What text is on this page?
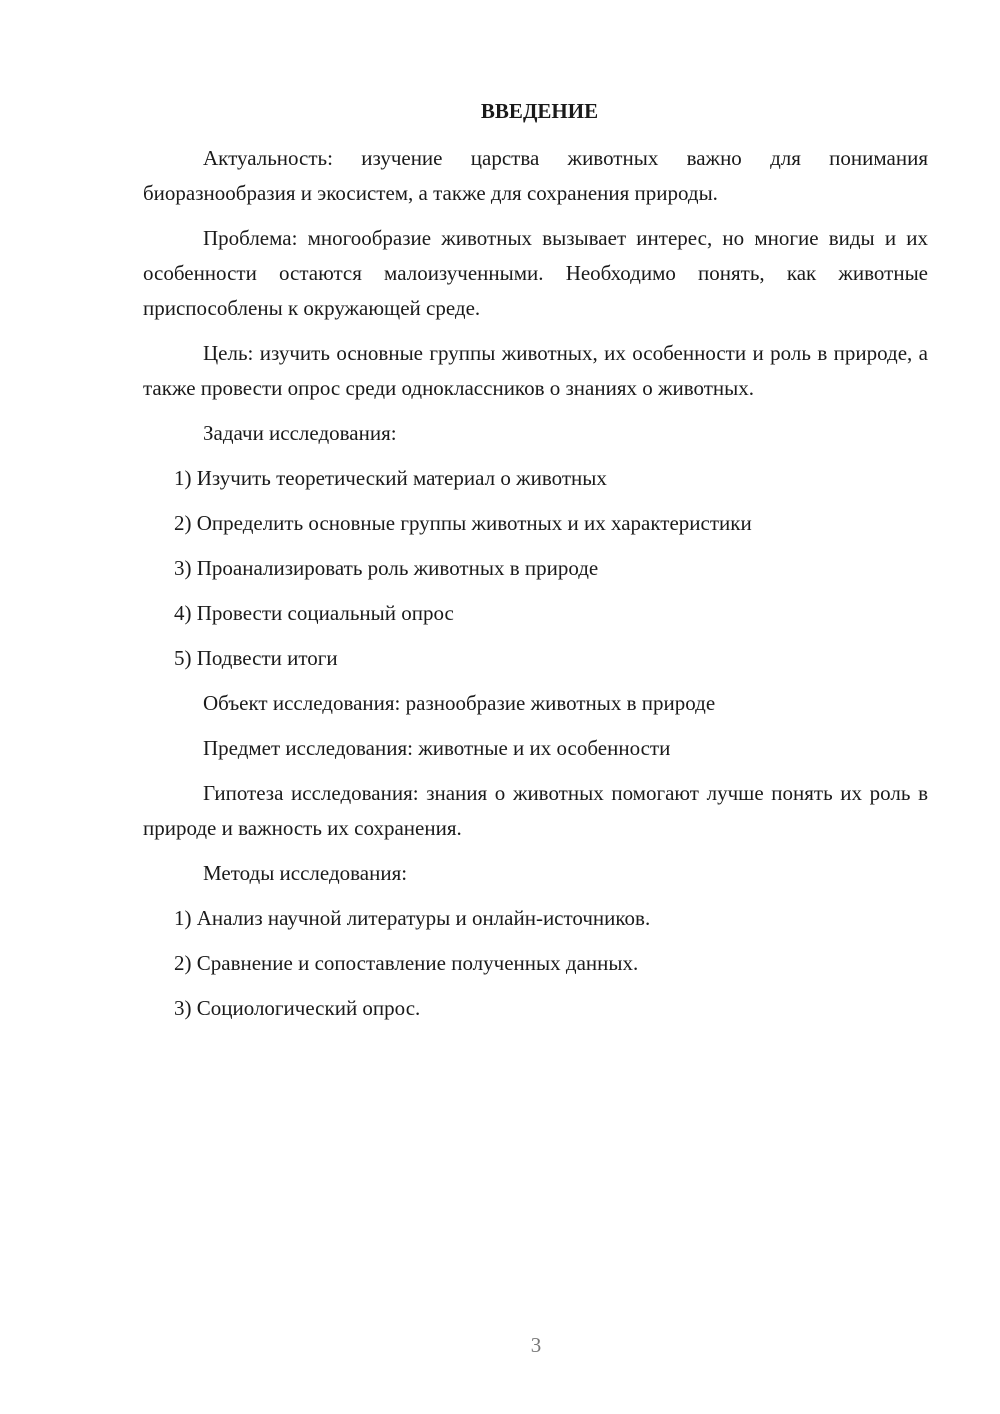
ВВЕДЕНИЕ

Актуальность: изучение царства животных важно для понимания биоразнообразия и экосистем, а также для сохранения природы.

Проблема: многообразие животных вызывает интерес, но многие виды и их особенности остаются малоизученными. Необходимо понять, как животные приспособлены к окружающей среде.

Цель: изучить основные группы животных, их особенности и роль в природе, а также провести опрос среди одноклассников о знаниях о животных.

Задачи исследования:
1) Изучить теоретический материал о животных
2) Определить основные группы животных и их характеристики
3) Проанализировать роль животных в природе
4) Провести социальный опрос
5) Подвести итоги
Объект исследования: разнообразие животных в природе
Предмет исследования: животные и их особенности

Гипотеза исследования: знания о животных помогают лучше понять их роль в природе и важность их сохранения.

Методы исследования:
1) Анализ научной литературы и онлайн-источников.
2) Сравнение и сопоставление полученных данных.
3) Социологический опрос.
3
